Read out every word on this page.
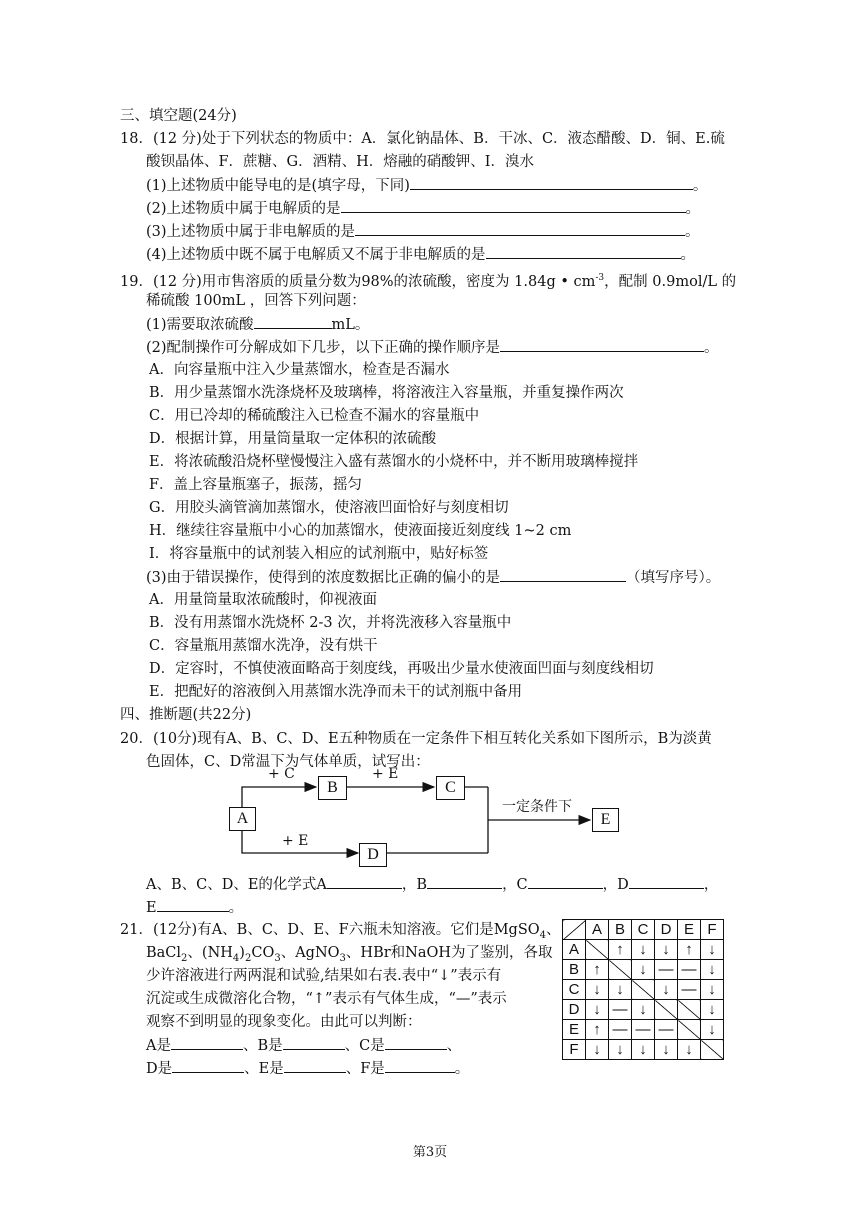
三、填空题(24分)
18．(12 分)处于下列状态的物质中：A．氯化钠晶体、B．干冰、C．液态醋酸、D．铜、E.硫
酸钡晶体、F．蔗糖、G．酒精、H．熔融的硝酸钾、I．溴水
(1)上述物质中能导电的是(填字母，下同)	。
(2)上述物质中属于电解质的是	。
(3)上述物质中属于非电解质的是	。
(4)上述物质中既不属于电解质又不属于非电解质的是	。
19．(12 分)用市售溶质的质量分数为98%的浓硫酸，密度为 1.84g • $cm^{-3}$，配制 0.9mol/L 的
稀硫酸 100mL ，回答下列问题：
(1)需要取浓硫酸	mL。
(2)配制操作可分解成如下几步，以下正确的操作顺序是	。
A．向容量瓶中注入少量蒸馏水，检查是否漏水
B．用少量蒸馏水洗涤烧杯及玻璃棒，将溶液注入容量瓶，并重复操作两次
C．用已冷却的稀硫酸注入已检查不漏水的容量瓶中
D．根据计算，用量筒量取一定体积的浓硫酸
E．将浓硫酸沿烧杯壁慢慢注入盛有蒸馏水的小烧杯中，并不断用玻璃棒搅拌
F．盖上容量瓶塞子，振荡，摇匀
G．用胶头滴管滴加蒸馏水，使溶液凹面恰好与刻度相切
H．继续往容量瓶中小心的加蒸馏水，使液面接近刻度线 1~2 cm
I．将容量瓶中的试剂装入相应的试剂瓶中，贴好标签
(3)由于错误操作，使得到的浓度数据比正确的偏小的是	（填写序号）。
A．用量筒量取浓硫酸时，仰视液面
B．没有用蒸馏水洗烧杯 2-3 次，并将洗液移入容量瓶中
C．容量瓶用蒸馏水洗净，没有烘干
D．定容时，不慎使液面略高于刻度线，再吸出少量水使液面凹面与刻度线相切
E．把配好的溶液倒入用蒸馏水洗净而未干的试剂瓶中备用
四、推断题(共22分)
20．(10分)现有A、B、C、D、E五种物质在一定条件下相互转化关系如下图所示，B为淡黄
色固体，C、D常温下为气体单质，试写出：
A
B	C
D
E
+ C	+ E
+ E
一定条件下
A、B、C、D、E的化学式A	，B	，C	，D	，
E	。
21．(12分)有A、B、C、D、E、F六瓶未知溶液。它们是MgSO$_4$、
BaCl$_2$、$(NH_4)_2CO_3$、AgNO$_3$、HBr和NaOH为了鉴别，各取
少许溶液进行两两混和试验,结果如右表.表中“↓”表示有
沉淀或生成微溶化合物，“↑”表示有气体生成，“—”表示
观察不到明显的现象变化。由此可以判断：
A是	、B是	、C是	、
D是	、E是	、F是	。
	A	B	C	D	E	F
A		↑	↓	↓	↑	↓
B	↑		↓	—	—	↓
C	↓	↓		↓	—	↓
D	↓	—	↓			↓
E	↑	—	—	—		↓
F	↓	↓	↓	↓	↓	
第3页
